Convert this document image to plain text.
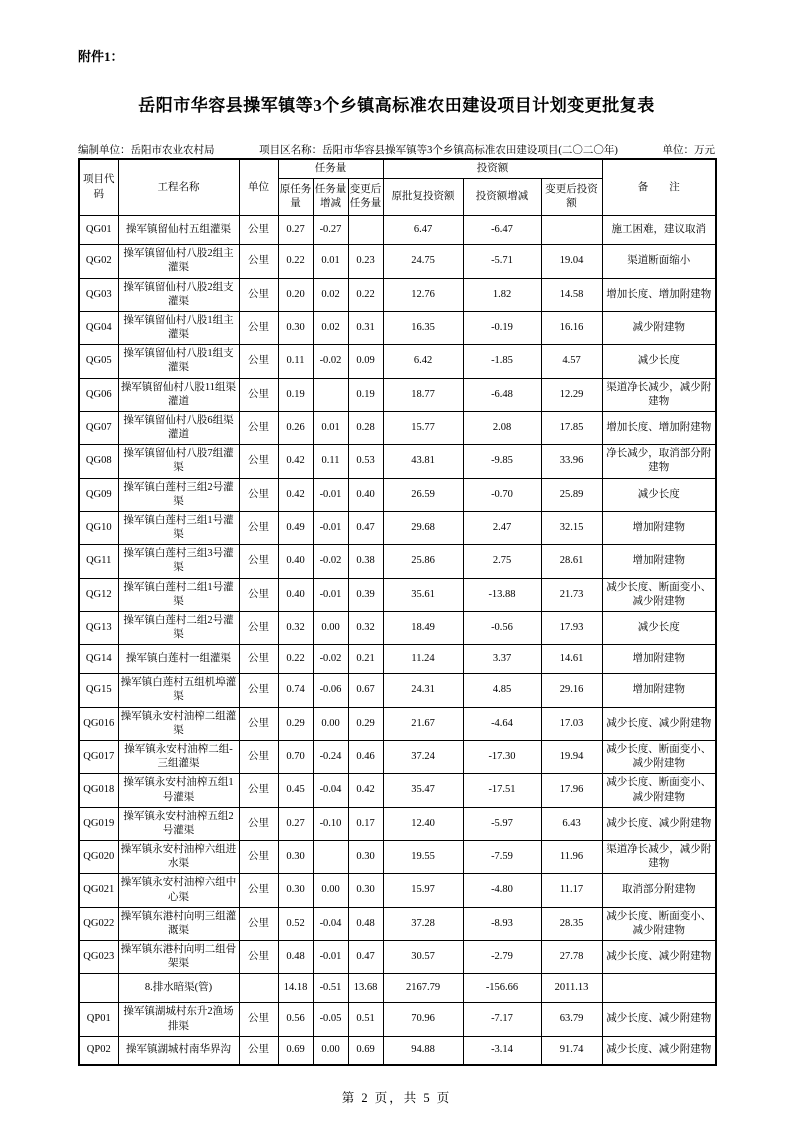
附件1：
岳阳市华容县操军镇等3个乡镇高标准农田建设项目计划变更批复表
编制单位：岳阳市农业农村局	项目区名称：岳阳市华容县操军镇等3个乡镇高标准农田建设项目(二〇二〇年)	单位：万元
项目代码	工程名称	单位	任务量			投资额			备　　注
			原任务量	任务量增减	变更后任务量	原批复投资额	投资额增减	变更后投资额	
QG01	操军镇留仙村五组灌渠	公里	0.27	-0.27		6.47	-6.47		施工困难，建议取消
QG02	操军镇留仙村八股2组主灌渠	公里	0.22	0.01	0.23	24.75	-5.71	19.04	渠道断面缩小
QG03	操军镇留仙村八股2组支灌渠	公里	0.20	0.02	0.22	12.76	1.82	14.58	增加长度、增加附建物
QG04	操军镇留仙村八股1组主灌渠	公里	0.30	0.02	0.31	16.35	-0.19	16.16	减少附建物
QG05	操军镇留仙村八股1组支灌渠	公里	0.11	-0.02	0.09	6.42	-1.85	4.57	减少长度
QG06	操军镇留仙村八股11组渠灌道	公里	0.19		0.19	18.77	-6.48	12.29	渠道净长减少，减少附建物
QG07	操军镇留仙村八股6组渠灌道	公里	0.26	0.01	0.28	15.77	2.08	17.85	增加长度、增加附建物
QG08	操军镇留仙村八股7组灌渠	公里	0.42	0.11	0.53	43.81	-9.85	33.96	净长减少，取消部分附建物
QG09	操军镇白莲村三组2号灌渠	公里	0.42	-0.01	0.40	26.59	-0.70	25.89	减少长度
QG10	操军镇白莲村三组1号灌渠	公里	0.49	-0.01	0.47	29.68	2.47	32.15	增加附建物
QG11	操军镇白莲村三组3号灌渠	公里	0.40	-0.02	0.38	25.86	2.75	28.61	增加附建物
QG12	操军镇白莲村二组1号灌渠	公里	0.40	-0.01	0.39	35.61	-13.88	21.73	减少长度、断面变小、减少附建物
QG13	操军镇白莲村二组2号灌渠	公里	0.32	0.00	0.32	18.49	-0.56	17.93	减少长度
QG14	操军镇白莲村一组灌渠	公里	0.22	-0.02	0.21	11.24	3.37	14.61	增加附建物
QG15	操军镇白莲村五组机埠灌渠	公里	0.74	-0.06	0.67	24.31	4.85	29.16	增加附建物
QG016	操军镇永安村油榨二组灌渠	公里	0.29	0.00	0.29	21.67	-4.64	17.03	减少长度、减少附建物
QG017	操军镇永安村油榨二组-三组灌渠	公里	0.70	-0.24	0.46	37.24	-17.30	19.94	减少长度、断面变小、减少附建物
QG018	操军镇永安村油榨五组1号灌渠	公里	0.45	-0.04	0.42	35.47	-17.51	17.96	减少长度、断面变小、减少附建物
QG019	操军镇永安村油榨五组2号灌渠	公里	0.27	-0.10	0.17	12.40	-5.97	6.43	减少长度、减少附建物
QG020	操军镇永安村油榨六组进水渠	公里	0.30		0.30	19.55	-7.59	11.96	渠道净长减少，减少附建物
QG021	操军镇永安村油榨六组中心渠	公里	0.30	0.00	0.30	15.97	-4.80	11.17	取消部分附建物
QG022	操军镇东港村向明三组灌溉渠	公里	0.52	-0.04	0.48	37.28	-8.93	28.35	减少长度、断面变小、减少附建物
QG023	操军镇东港村向明二组骨架渠	公里	0.48	-0.01	0.47	30.57	-2.79	27.78	减少长度、减少附建物
	8.排水暗渠(管)		14.18	-0.51	13.68	2167.79	-156.66	2011.13	
QP01	操军镇湖城村东升2渔场排渠	公里	0.56	-0.05	0.51	70.96	-7.17	63.79	减少长度、减少附建物
QP02	操军镇湖城村南华界沟	公里	0.69	0.00	0.69	94.88	-3.14	91.74	减少长度、减少附建物
第 2 页，共 5 页
